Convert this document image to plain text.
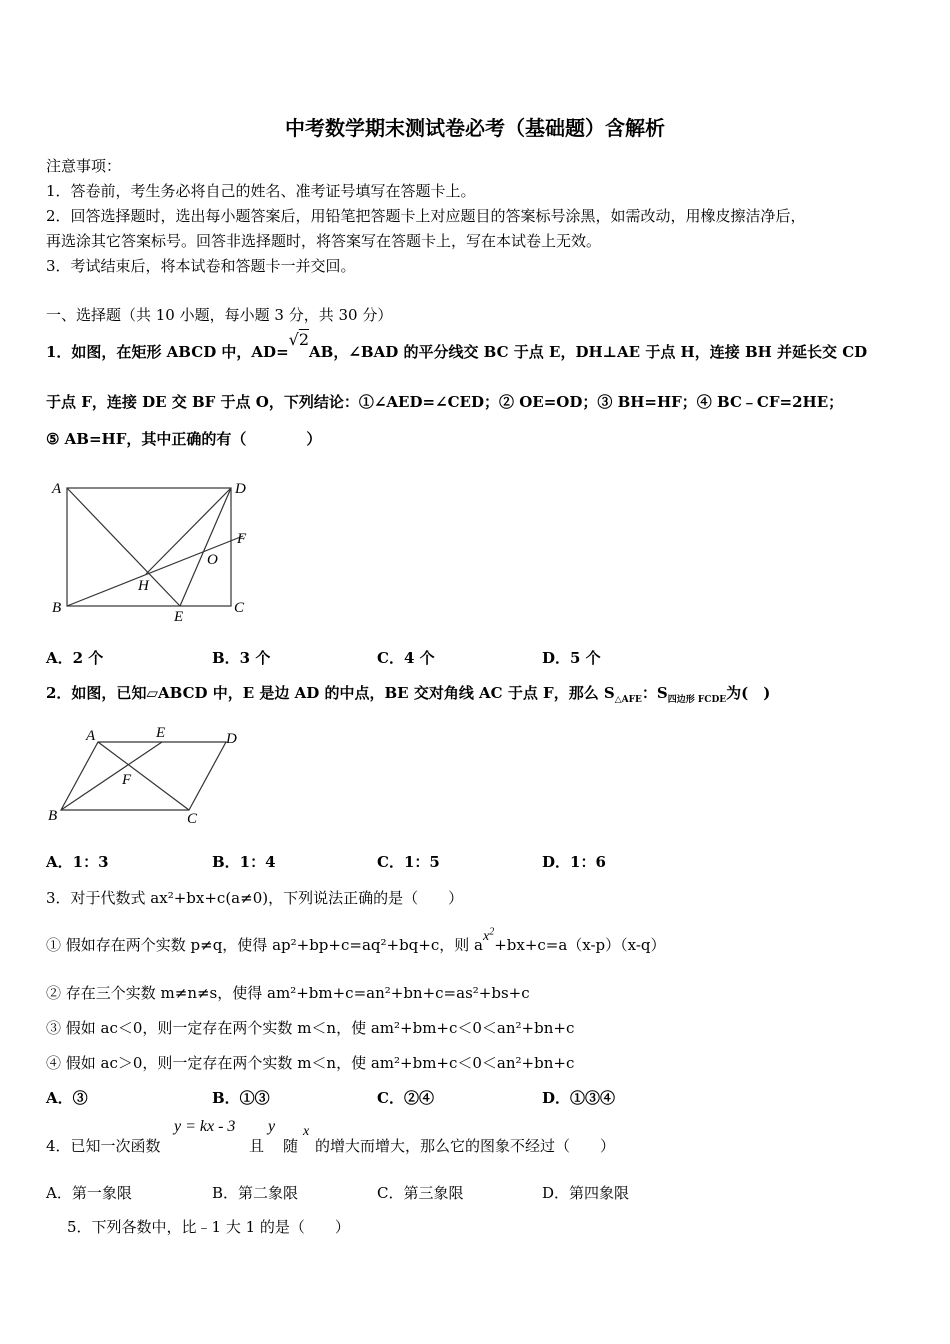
中考数学期末测试卷必考（基础题）含解析
注意事项：
1．答卷前，考生务必将自己的姓名、准考证号填写在答题卡上。
2．回答选择题时，选出每小题答案后，用铅笔把答题卡上对应题目的答案标号涂黑，如需改动，用橡皮擦洁净后，
再选涂其它答案标号。回答非选择题时，将答案写在答题卡上，写在本试卷上无效。
3．考试结束后，将本试卷和答题卡一并交回。
一、选择题（共 10 小题，每小题 3 分，共 30 分）
1．如图，在矩形 ABCD 中，AD=√2AB，∠BAD 的平分线交 BC 于点 E，DH⊥AE 于点 H，连接 BH 并延长交 CD
于点 F，连接 DE 交 BF 于点 O，下列结论：①∠AED=∠CED；② OE=OD；③ BH=HF；④ BC﹣CF=2HE；
⑤ AB=HF，其中正确的有（　　　　）
A	D
F
O
H
B	C
E
A．2 个	B．3 个	C．4 个	D．5 个
2．如图，已知▱ABCD 中，E 是边 AD 的中点，BE 交对角线 AC 于点 F，那么 $S_{\triangle AFE}$：$S_{四边形 FCDE}$为(　)
A	E	D
F
B	C
A．1：3	B．1：4	C．1：5	D．1：6
3．对于代数式 ax²+bx+c(a≠0)，下列说法正确的是（　　）
① 假如存在两个实数 p≠q，使得 ap²+bp+c=aq²+bq+c，则 $ax^2+bx+c=a(x-p)(x-q)$
② 存在三个实数 m≠n≠s，使得 am²+bm+c=an²+bn+c=as²+bs+c
③ 假如 ac＜0，则一定存在两个实数 m＜n，使 am²+bm+c＜0＜an²+bn+c
④ 假如 ac＞0，则一定存在两个实数 m＜n，使 am²+bm+c＜0＜an²+bn+c
A．③	B．①③	C．②④	D．①③④
4．已知一次函数
y = kx - 3
且
y
随
x
的增大而增大，那么它的图象不经过（　　）
A．第一象限	B．第二象限	C．第三象限	D．第四象限
5．下列各数中，比﹣1 大 1 的是（　　）
